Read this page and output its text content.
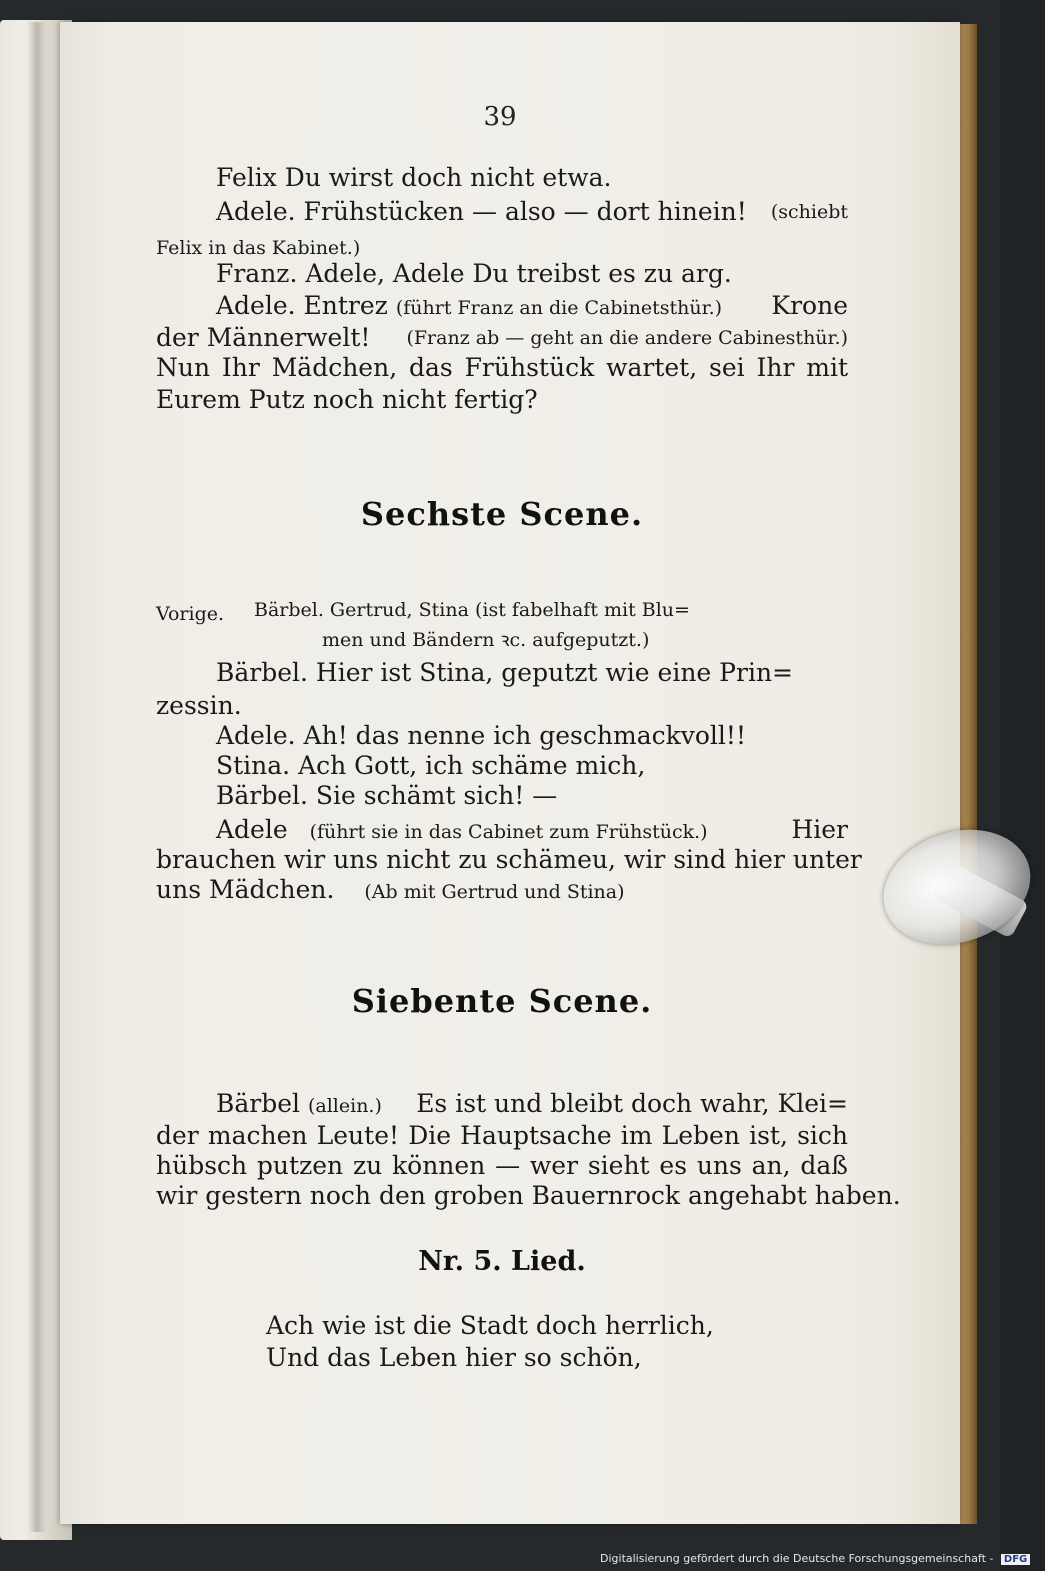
39
Felix Du wirst doch nicht etwa.
Adele. Frühstücken — also — dort hinein! (schiebt
Felix in das Kabinet.)
Franz. Adele, Adele Du treibst es zu arg.
Adele. Entrez (führt Franz an die Cabinetsthür.) Krone
der Männerwelt! (Franz ab — geht an die andere Cabinesthür.)
Nun Ihr Mädchen, das Frühstück wartet, sei Ihr mit
Eurem Putz noch nicht fertig?
Sechste Scene.
Vorige.	Bärbel. Gertrud, Stina (ist fabelhaft mit Blu=
men und Bändern ꝛc. aufgeputzt.)
Bärbel. Hier ist Stina, geputzt wie eine Prin=
zessin.
Adele. Ah! das nenne ich geschmackvoll!!
Stina. Ach Gott, ich schäme mich,
Bärbel. Sie schämt sich! —
Adele (führt sie in das Cabinet zum Frühstück.)	Hier
brauchen wir uns nicht zu schämeu, wir sind hier unter
uns Mädchen. (Ab mit Gertrud und Stina)
Siebente Scene.
Bärbel (allein.) Es ist und bleibt doch wahr, Klei=
der machen Leute! Die Hauptsache im Leben ist, sich
hübsch putzen zu können — wer sieht es uns an, daß
wir gestern noch den groben Bauernrock angehabt haben.
Nr. 5. Lied.
Ach wie ist die Stadt doch herrlich,
Und das Leben hier so schön,
Digitalisierung gefördert durch die Deutsche Forschungsgemeinschaft - DFG
